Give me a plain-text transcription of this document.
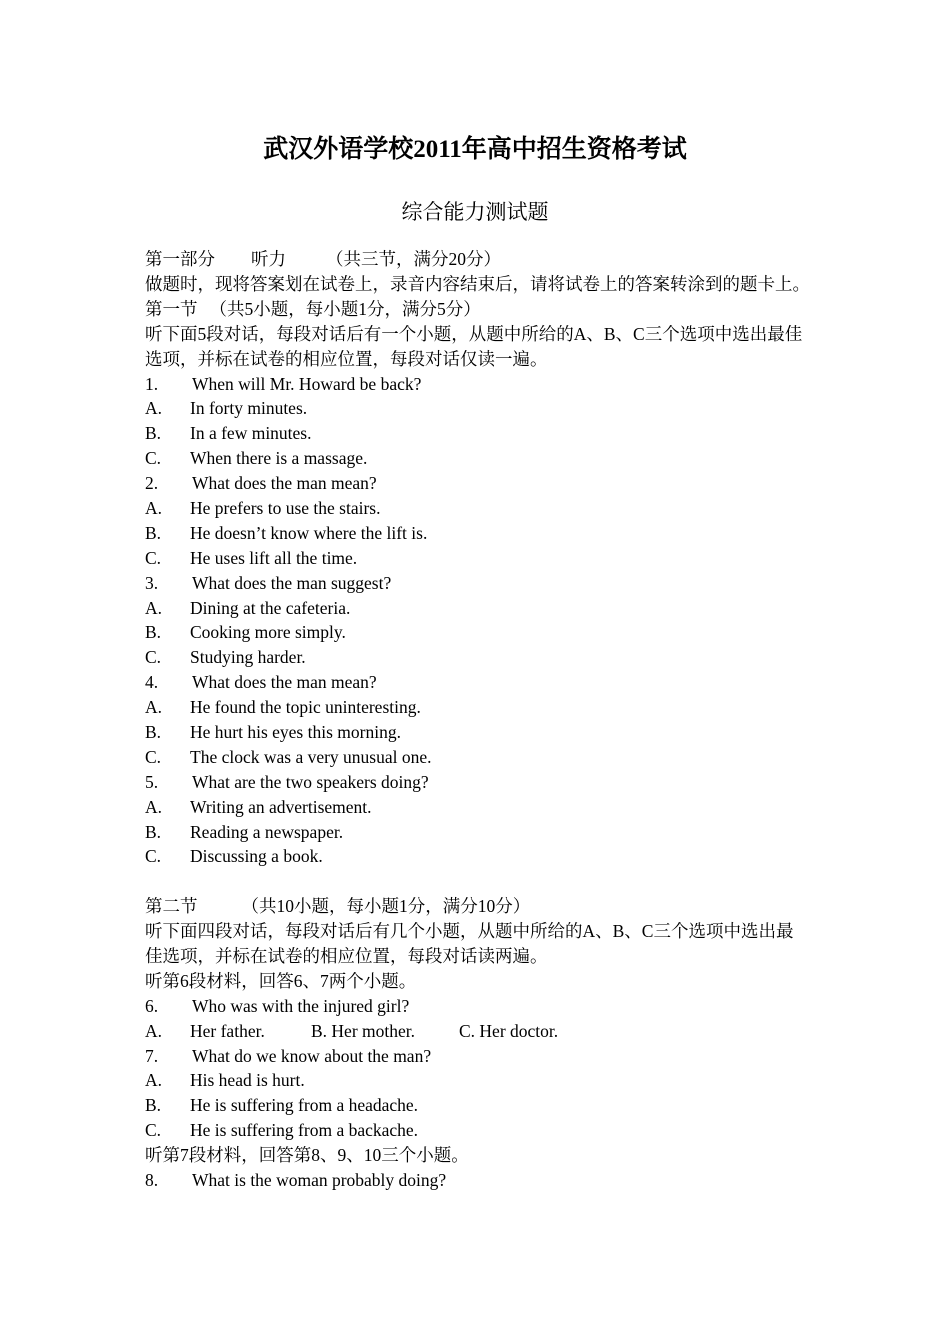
武汉外语学校2011年高中招生资格考试
综合能力测试题
第一部分 听力 （共三节，满分20分）
做题时，现将答案划在试卷上，录音内容结束后，请将试卷上的答案转涂到的题卡上。
第一节 （共5小题，每小题1分，满分5分）
听下面5段对话，每段对话后有一个小题，从题中所给的A、B、C三个选项中选出最佳选项，并标在试卷的相应位置，每段对话仅读一遍。
1.	When will Mr. Howard be back?
A.	In forty minutes.
B.	In a few minutes.
C.	When there is a massage.
2.	What does the man mean?
A.	He prefers to use the stairs.
B.	He doesn’t know where the lift is.
C.	He uses lift all the time.
3.	What does the man suggest?
A.	Dining at the cafeteria.
B.	Cooking more simply.
C.	Studying harder.
4.	What does the man mean?
A.	He found the topic uninteresting.
B.	He hurt his eyes this morning.
C.	The clock was a very unusual one.
5.	What are the two speakers doing?
A.	Writing an advertisement.
B.	Reading a newspaper.
C.	Discussing a book.
第二节	（共10小题，每小题1分，满分10分）
听下面四段对话，每段对话后有几个小题，从题中所给的A、B、C三个选项中选出最佳选项，并标在试卷的相应位置，每段对话读两遍。
听第6段材料，回答6、7两个小题。
6.	Who was with the injured girl?
A.	Her father.	B. Her mother.	C. Her doctor.
7.	What do we know about the man?
A.	His head is hurt.
B.	He is suffering from a headache.
C.	He is suffering from a backache.
听第7段材料，回答第8、9、10三个小题。
8.	What is the woman probably doing?
